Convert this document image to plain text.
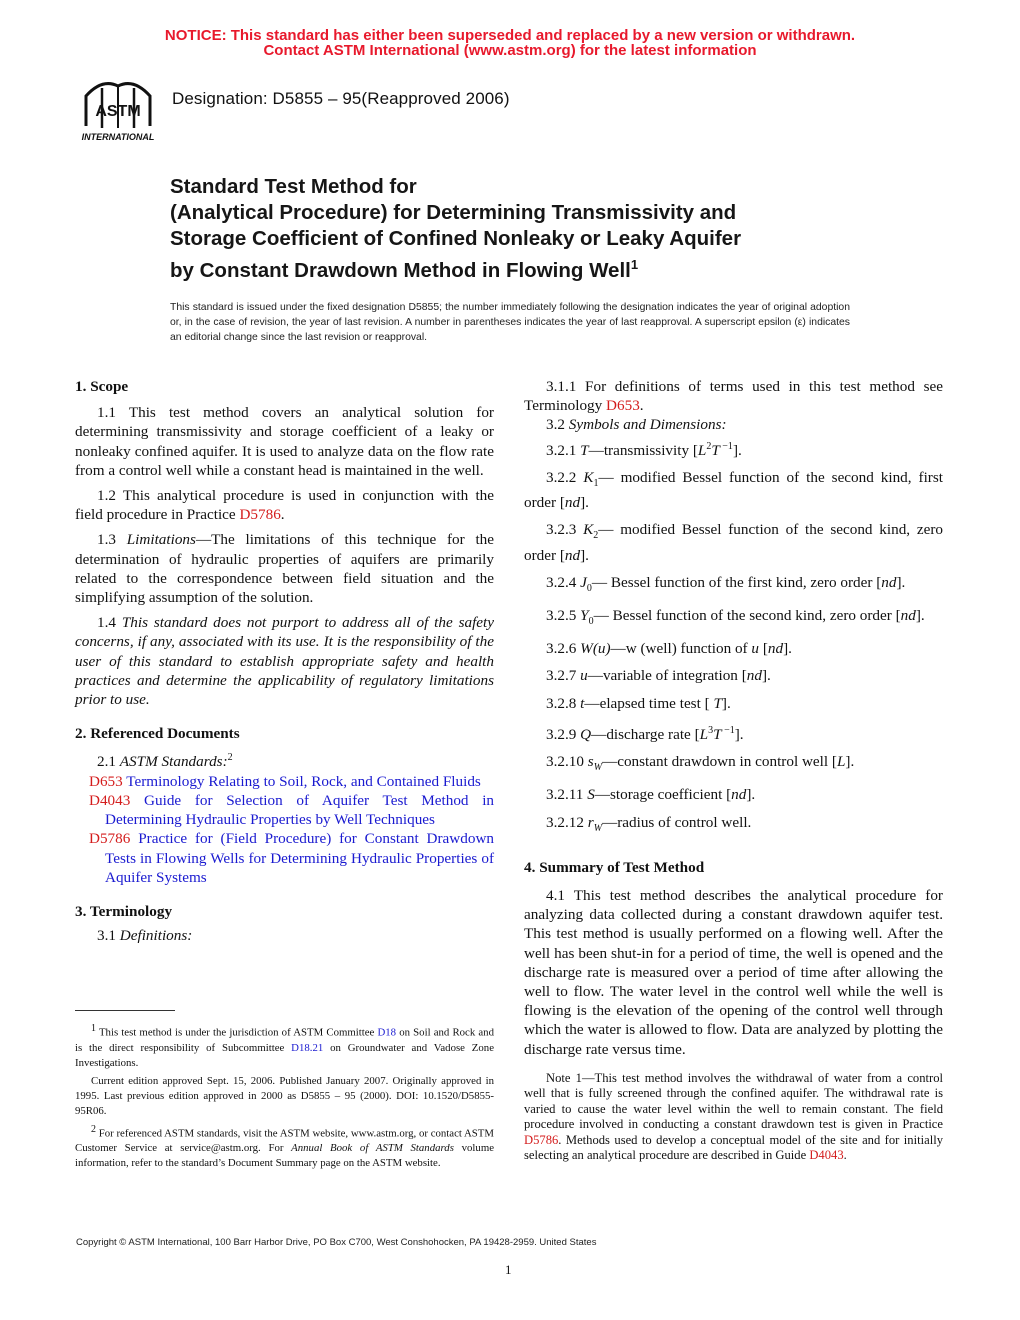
NOTICE: This standard has either been superseded and replaced by a new version or withdrawn.
Contact ASTM International (www.astm.org) for the latest information
ASTM
INTERNATIONAL
Designation: D5855 – 95(Reapproved 2006)
Standard Test Method for
(Analytical Procedure) for Determining Transmissivity and
Storage Coefficient of Confined Nonleaky or Leaky Aquifer
by Constant Drawdown Method in Flowing Well$^1$
This standard is issued under the fixed designation D5855; the number immediately following the designation indicates the year of original adoption or, in the case of revision, the year of last revision. A number in parentheses indicates the year of last reapproval. A superscript epsilon (ε) indicates an editorial change since the last revision or reapproval.

1. Scope

1.1 This test method covers an analytical solution for determining transmissivity and storage coefficient of a leaky or nonleaky confined aquifer. It is used to analyze data on the flow rate from a control well while a constant head is maintained in the well.

1.2 This analytical procedure is used in conjunction with the field procedure in Practice D5786.

1.3 Limitations—The limitations of this technique for the determination of hydraulic properties of aquifers are primarily related to the correspondence between field situation and the simplifying assumption of the solution.

1.4 This standard does not purport to address all of the safety concerns, if any, associated with its use. It is the responsibility of the user of this standard to establish appropriate safety and health practices and determine the applicability of regulatory limitations prior to use.

2. Referenced Documents

2.1 ASTM Standards:$^2$

D653 Terminology Relating to Soil, Rock, and Contained Fluids

D4043 Guide for Selection of Aquifer Test Method in Determining Hydraulic Properties by Well Techniques

D5786 Practice for (Field Procedure) for Constant Drawdown Tests in Flowing Wells for Determining Hydraulic Properties of Aquifer Systems

3. Terminology

3.1 Definitions:

$^1$ This test method is under the jurisdiction of ASTM Committee D18 on Soil and Rock and is the direct responsibility of Subcommittee D18.21 on Groundwater and Vadose Zone Investigations.

Current edition approved Sept. 15, 2006. Published January 2007. Originally approved in 1995. Last previous edition approved in 2000 as D5855 – 95 (2000). DOI: 10.1520/D5855-95R06.

$^2$ For referenced ASTM standards, visit the ASTM website, www.astm.org, or contact ASTM Customer Service at service@astm.org. For Annual Book of ASTM Standards volume information, refer to the standard’s Document Summary page on the ASTM website.

3.1.1 For definitions of terms used in this test method see Terminology D653.

3.2 Symbols and Dimensions:

3.2.1 T—transmissivity [$L^2T$ $^{-1}$].

3.2.2 $K_1—$ modified Bessel function of the second kind, first order [nd].

3.2.3 $K_2—$ modified Bessel function of the second kind, zero order [nd].

3.2.4 $J_0—$ Bessel function of the first kind, zero order [nd].

3.2.5 $Y_0—$ Bessel function of the second kind, zero order [nd].

3.2.6 W(u)—w (well) function of u [nd].

3.2.7 u—variable of integration [nd].

3.2.8 t—elapsed time test [ T].

3.2.9 Q—discharge rate [$L^3T$ $^{-1}$].

3.2.10 $s_W—constant$ drawdown in control well [L].

3.2.11 S—storage coefficient [nd].

3.2.12 $r_W—radius$ of control well.

4. Summary of Test Method

4.1 This test method describes the analytical procedure for analyzing data collected during a constant drawdown aquifer test. This test method is usually performed on a flowing well. After the well has been shut-in for a period of time, the well is opened and the discharge rate is measured over a period of time after allowing the well to flow. The water level in the control well while the well is flowing is the elevation of the opening of the control well through which the water is allowed to flow. Data are analyzed by plotting the discharge rate versus time.

Note 1—This test method involves the withdrawal of water from a control well that is fully screened through the confined aquifer. The withdrawal rate is varied to cause the water level within the well to remain constant. The field procedure involved in conducting a constant drawdown test is given in Practice D5786. Methods used to develop a conceptual model of the site and for initially selecting an analytical procedure are described in Guide D4043.

Copyright © ASTM International, 100 Barr Harbor Drive, PO Box C700, West Conshohocken, PA 19428-2959. United States
1
